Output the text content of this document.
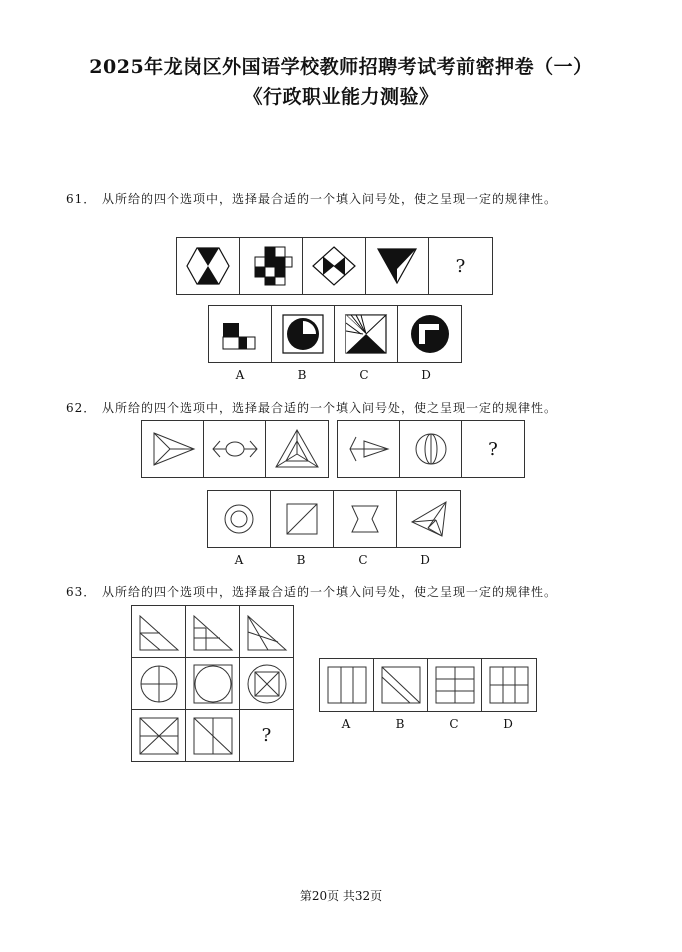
2025年龙岗区外国语学校教师招聘考试考前密押卷（一）
《行政职业能力测验》
61． 从所给的四个选项中，选择最合适的一个填入问号处，使之呈现一定的规律性。
?
A	B	C	D
62． 从所给的四个选项中，选择最合适的一个填入问号处，使之呈现一定的规律性。
?
A	B	C	D
63． 从所给的四个选项中，选择最合适的一个填入问号处，使之呈现一定的规律性。
?
A	B	C	D
第20页 共32页
